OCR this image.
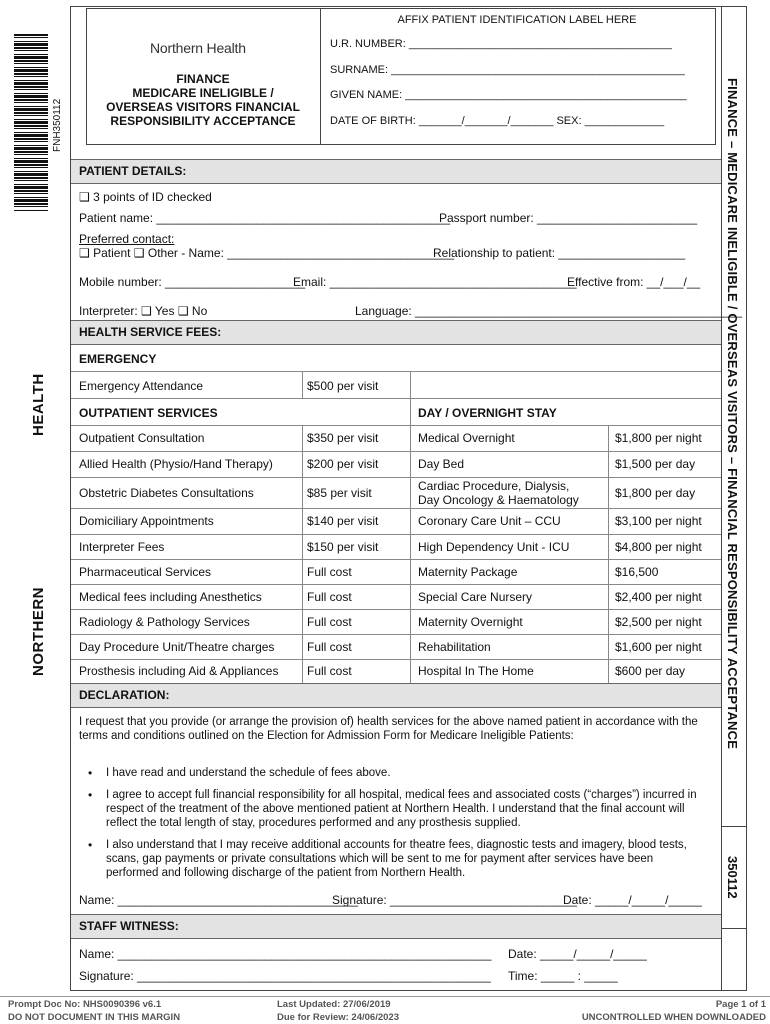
FNH350112
HEALTH
NORTHERN	FINANCE – MEDICARE INELIGIBLE / OVERSEAS VISITORS – FINANCIAL RESPONSIBILITY ACCEPTANCE
350112
Northern Health
FINANCE
MEDICARE INELIGIBLE /
OVERSEAS VISITORS FINANCIAL
RESPONSIBILITY ACCEPTANCE
AFFIX PATIENT IDENTIFICATION LABEL HERE
U.R. NUMBER: ___________________________________________
SURNAME: ________________________________________________
GIVEN NAME: ______________________________________________
DATE OF BIRTH: _______/_______/_______ SEX: _____________
PATIENT DETAILS:
❑ 3 points of ID checked
Patient name: ____________________________________________
Passport number: ________________________
Preferred contact:
❑ Patient ❑ Other - Name: __________________________________
Relationship to patient: ___________________
Mobile number: _____________________
Email: _____________________________________
Effective from: __/___/__
Interpreter: ❑ Yes ❑ No	Language: _________________________________________________
HEALTH SERVICE FEES:
EMERGENCY
Emergency Attendance	$500 per visit
OUTPATIENT SERVICES	DAY / OVERNIGHT STAY
Outpatient Consultation	$350 per visit	Medical Overnight	$1,800 per night
Allied Health (Physio/Hand Therapy)	$200 per visit	Day Bed	$1,500 per day
Obstetric Diabetes Consultations	$85 per visit	Cardiac Procedure, Dialysis,
Day Oncology & Haematology	$1,800 per day
Domiciliary Appointments	$140 per visit	Coronary Care Unit – CCU	$3,100 per night
Interpreter Fees	$150 per visit	High Dependency Unit - ICU	$4,800 per night
Pharmaceutical Services	Full cost	Maternity Package	$16,500
Medical fees including Anesthetics	Full cost	Special Care Nursery	$2,400 per night
Radiology & Pathology Services	Full cost	Maternity Overnight	$2,500 per night
Day Procedure Unit/Theatre charges	Full cost	Rehabilitation	$1,600 per night
Prosthesis including Aid & Appliances Full cost	Hospital In The Home	$600 per day
DECLARATION:
I request that you provide (or arrange the provision of) health services for the above named patient in accordance with the terms and conditions outlined on the Election for Admission Form for Medicare Ineligible Patients:
• I have read and understand the schedule of fees above.
• I agree to accept full financial responsibility for all hospital, medical fees and associated costs (“charges”) incurred in respect of the treatment of the above mentioned patient at Northern Health. I understand that the final account will reflect the total length of stay, procedures performed and any prosthesis supplied.
• I also understand that I may receive additional accounts for theatre fees, diagnostic tests and imagery, blood tests, scans, gap payments or private consultations which will be sent to me for payment after services have been performed and following discharge of the patient from Northern Health.
Name: ____________________________________
Signature: ____________________________
Date: _____/_____/_____
STAFF WITNESS:
Name: ________________________________________________________ Date: _____/_____/_____
Signature: _____________________________________________________ Time: _____ : _____
Prompt Doc No: NHS0090396 v6.1
DO NOT DOCUMENT IN THIS MARGIN
Last Updated: 27/06/2019
Due for Review: 24/06/2023
Page 1 of 1
UNCONTROLLED WHEN DOWNLOADED
